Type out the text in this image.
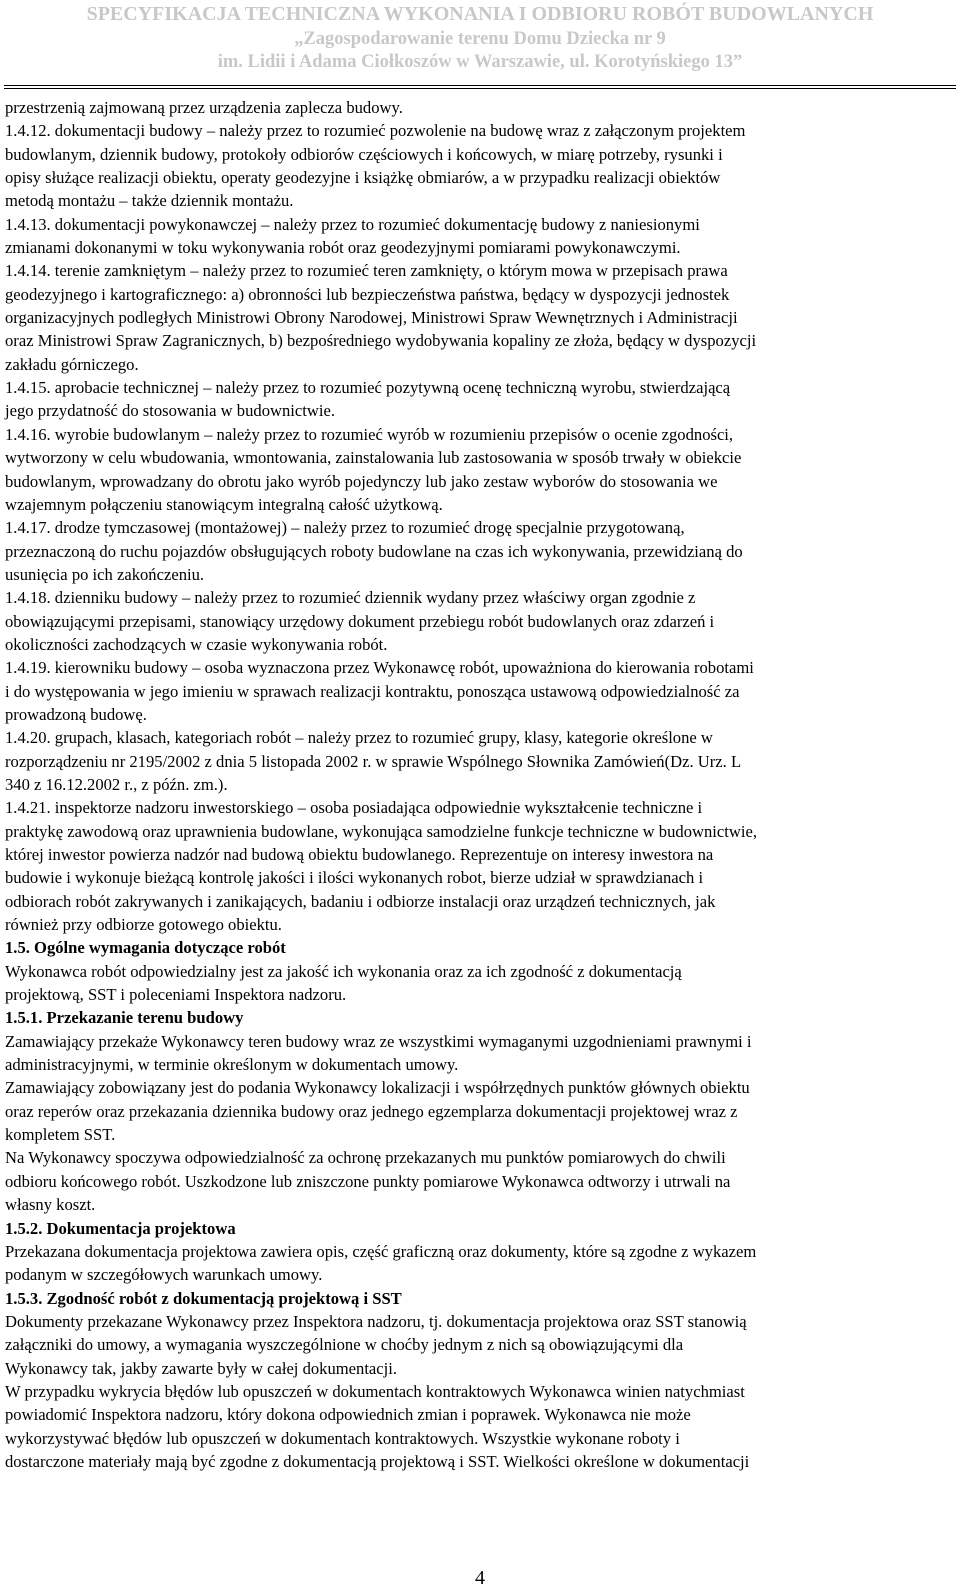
SPECYFIKACJA TECHNICZNA WYKONANIA I ODBIORU ROBÓT BUDOWLANYCH
„Zagospodarowanie terenu Domu Dziecka nr 9
im. Lidii i Adama Ciołkoszów w Warszawie, ul. Korotyńskiego 13”
przestrzenią zajmowaną przez urządzenia zaplecza budowy.
1.4.12. dokumentacji budowy – należy przez to rozumieć pozwolenie na budowę wraz z załączonym projektem
budowlanym, dziennik budowy, protokoły odbiorów częściowych i końcowych, w miarę potrzeby, rysunki i
opisy służące realizacji obiektu, operaty geodezyjne i książkę obmiarów, a w przypadku realizacji obiektów
metodą montażu – także dziennik montażu.
1.4.13. dokumentacji powykonawczej – należy przez to rozumieć dokumentację budowy z naniesionymi
zmianami dokonanymi w toku wykonywania robót oraz geodezyjnymi pomiarami powykonawczymi.
1.4.14. terenie zamkniętym – należy przez to rozumieć teren zamknięty, o którym mowa w przepisach prawa
geodezyjnego i kartograficznego: a) obronności lub bezpieczeństwa państwa, będący w dyspozycji jednostek
organizacyjnych podległych Ministrowi Obrony Narodowej, Ministrowi Spraw Wewnętrznych i Administracji
oraz Ministrowi Spraw Zagranicznych, b) bezpośredniego wydobywania kopaliny ze złoża, będący w dyspozycji
zakładu górniczego.
1.4.15. aprobacie technicznej – należy przez to rozumieć pozytywną ocenę techniczną wyrobu, stwierdzającą
jego przydatność do stosowania w budownictwie.
1.4.16. wyrobie budowlanym – należy przez to rozumieć wyrób w rozumieniu przepisów o ocenie zgodności,
wytworzony w celu wbudowania, wmontowania, zainstalowania lub zastosowania w sposób trwały w obiekcie
budowlanym, wprowadzany do obrotu jako wyrób pojedynczy lub jako zestaw wyborów do stosowania we
wzajemnym połączeniu stanowiącym integralną całość użytkową.
1.4.17. drodze tymczasowej (montażowej) – należy przez to rozumieć drogę specjalnie przygotowaną,
przeznaczoną do ruchu pojazdów obsługujących roboty budowlane na czas ich wykonywania, przewidzianą do
usunięcia po ich zakończeniu.
1.4.18. dzienniku budowy – należy przez to rozumieć dziennik wydany przez właściwy organ zgodnie z
obowiązującymi przepisami, stanowiący urzędowy dokument przebiegu robót budowlanych oraz zdarzeń i
okoliczności zachodzących w czasie wykonywania robót.
1.4.19. kierowniku budowy – osoba wyznaczona przez Wykonawcę robót, upoważniona do kierowania robotami
i do występowania w jego imieniu w sprawach realizacji kontraktu, ponosząca ustawową odpowiedzialność za
prowadzoną budowę.
1.4.20. grupach, klasach, kategoriach robót – należy przez to rozumieć grupy, klasy, kategorie określone w
rozporządzeniu nr 2195/2002 z dnia 5 listopada 2002 r. w sprawie Wspólnego Słownika Zamówień(Dz. Urz. L
340 z 16.12.2002 r., z późn. zm.).
1.4.21. inspektorze nadzoru inwestorskiego – osoba posiadająca odpowiednie wykształcenie techniczne i
praktykę zawodową oraz uprawnienia budowlane, wykonująca samodzielne funkcje techniczne w budownictwie,
której inwestor powierza nadzór nad budową obiektu budowlanego. Reprezentuje on interesy inwestora na
budowie i wykonuje bieżącą kontrolę jakości i ilości wykonanych robot, bierze udział w sprawdzianach i
odbiorach robót zakrywanych i zanikających, badaniu i odbiorze instalacji oraz urządzeń technicznych, jak
również przy odbiorze gotowego obiektu.
1.5. Ogólne wymagania dotyczące robót
Wykonawca robót odpowiedzialny jest za jakość ich wykonania oraz za ich zgodność z dokumentacją
projektową, SST i poleceniami Inspektora nadzoru.
1.5.1. Przekazanie terenu budowy
Zamawiający przekaże Wykonawcy teren budowy wraz ze wszystkimi wymaganymi uzgodnieniami prawnymi i
administracyjnymi, w terminie określonym w dokumentach umowy.
Zamawiający zobowiązany jest do podania Wykonawcy lokalizacji i współrzędnych punktów głównych obiektu
oraz reperów oraz przekazania dziennika budowy oraz jednego egzemplarza dokumentacji projektowej wraz z
kompletem SST.
Na Wykonawcy spoczywa odpowiedzialność za ochronę przekazanych mu punktów pomiarowych do chwili
odbioru końcowego robót. Uszkodzone lub zniszczone punkty pomiarowe Wykonawca odtworzy i utrwali na
własny koszt.
1.5.2. Dokumentacja projektowa
Przekazana dokumentacja projektowa zawiera opis, część graficzną oraz dokumenty, które są zgodne z wykazem
podanym w szczegółowych warunkach umowy.
1.5.3. Zgodność robót z dokumentacją projektową i SST
Dokumenty przekazane Wykonawcy przez Inspektora nadzoru, tj. dokumentacja projektowa oraz SST stanowią
załączniki do umowy, a wymagania wyszczególnione w choćby jednym z nich są obowiązującymi dla
Wykonawcy tak, jakby zawarte były w całej dokumentacji.
W przypadku wykrycia błędów lub opuszczeń w dokumentach kontraktowych Wykonawca winien natychmiast
powiadomić Inspektora nadzoru, który dokona odpowiednich zmian i poprawek. Wykonawca nie może
wykorzystywać błędów lub opuszczeń w dokumentach kontraktowych. Wszystkie wykonane roboty i
dostarczone materiały mają być zgodne z dokumentacją projektową i SST. Wielkości określone w dokumentacji
4
